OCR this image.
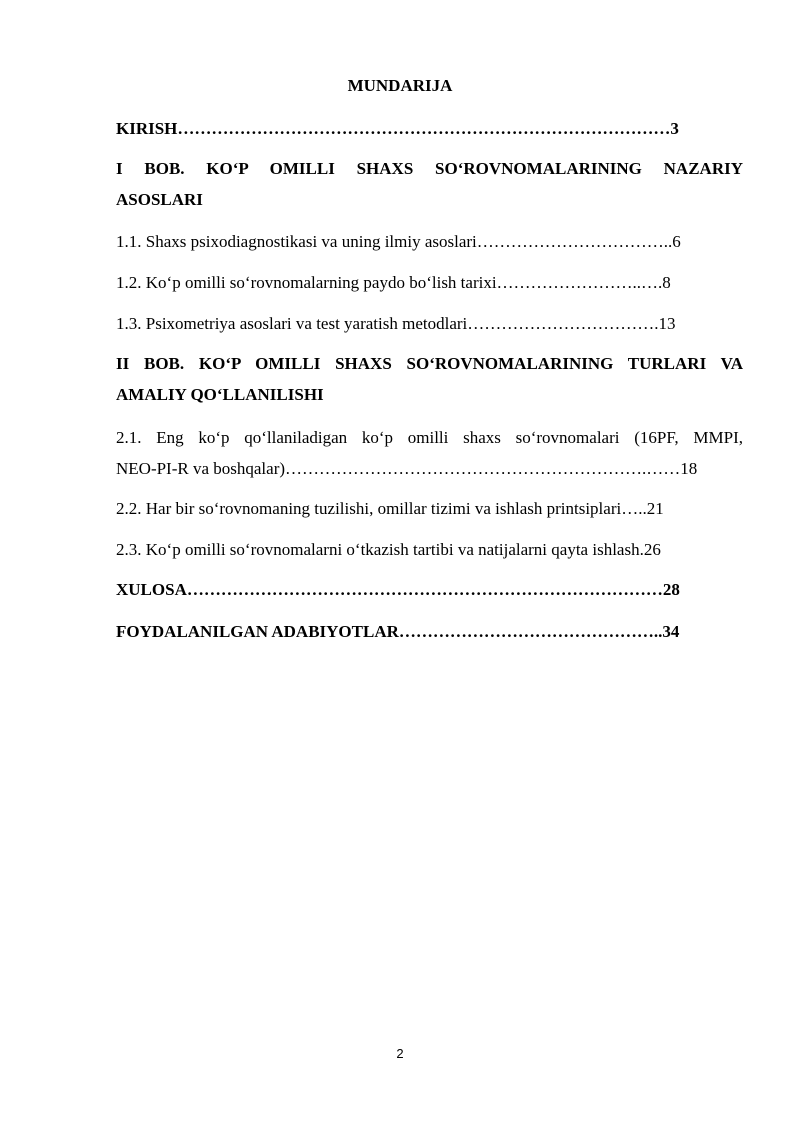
MUNDARIJA
KIRISH……………………………………………………………………………3
I BOB. KO‘P OMILLI SHAXS SO‘ROVNOMALARINING NAZARIY
ASOSLARI
1.1. Shaxs psixodiagnostikasi va uning ilmiy asoslari……………………………..6
1.2. Ko‘p omilli so‘rovnomalarning paydo bo‘lish tarixi……………………..….8
1.3. Psixometriya asoslari va test yaratish metodlari…………………………….13
II BOB. KO‘P OMILLI SHAXS SO‘ROVNOMALARINING TURLARI VA
AMALIY QO‘LLANILISHI
2.1. Eng ko‘p qo‘llaniladigan ko‘p omilli shaxs so‘rovnomalari (16PF, MMPI,
NEO-PI-R va boshqalar)……………………………………………………….……18
2.2. Har bir so‘rovnomaning tuzilishi, omillar tizimi va ishlash printsiplari…..21
2.3. Ko‘p omilli so‘rovnomalarni o‘tkazish tartibi va natijalarni qayta ishlash.26
XULOSA…………………………………………………………………………28
FOYDALANILGAN ADABIYOTLAR………………………………………..34
2
